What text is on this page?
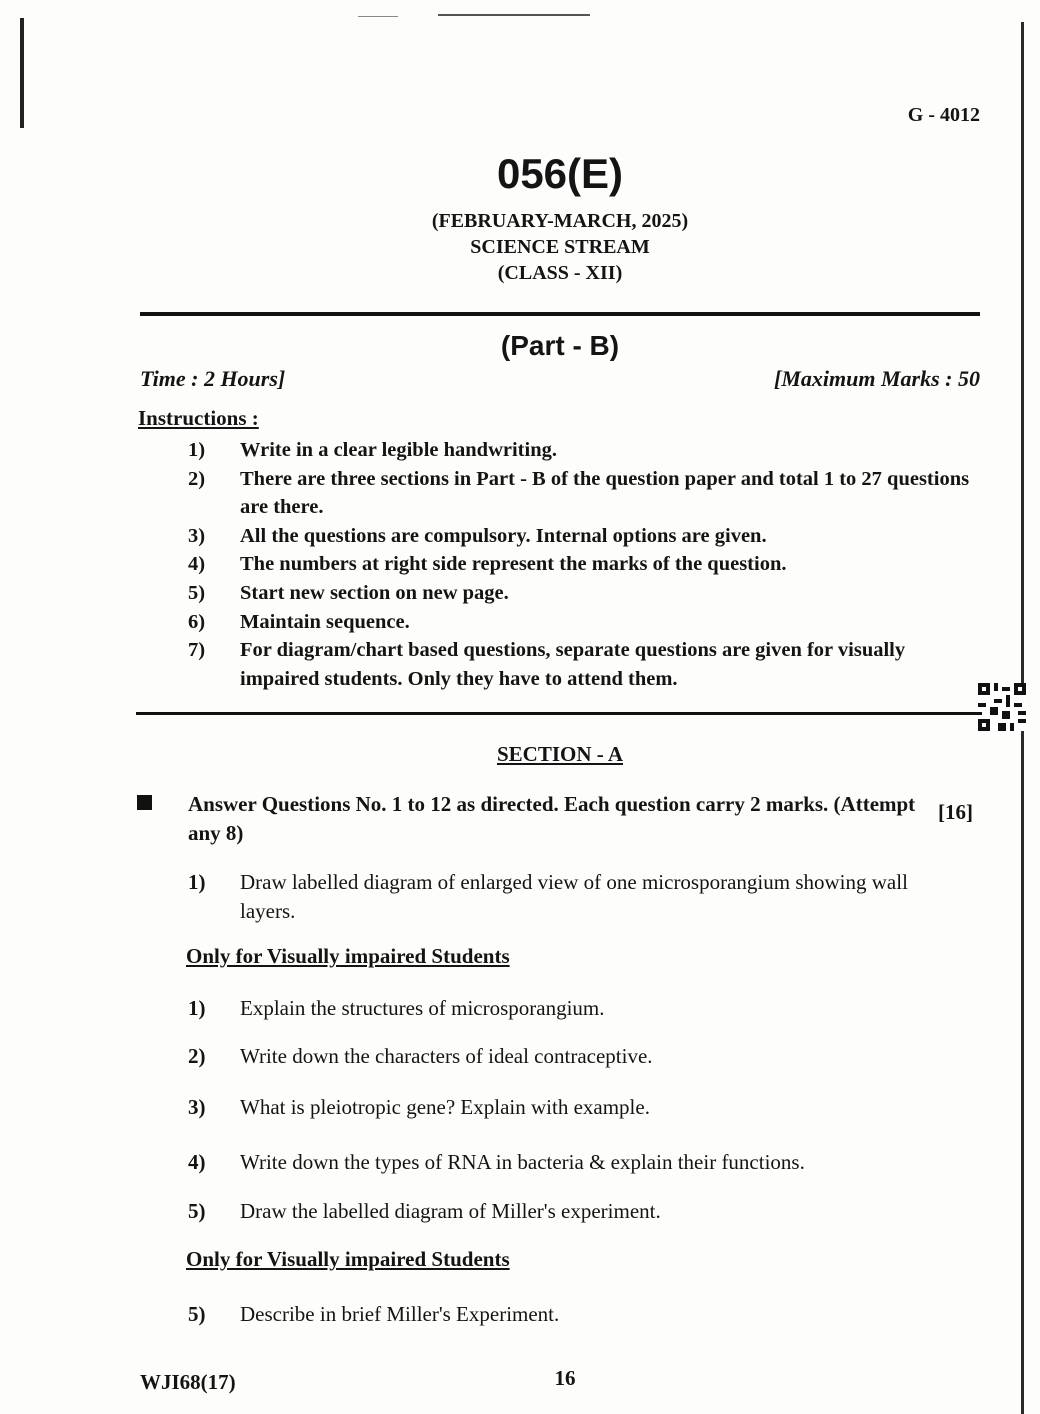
G - 4012
056(E)
(FEBRUARY-MARCH, 2025)
SCIENCE STREAM
(CLASS - XII)
(Part - B)
Time : 2 Hours]	[Maximum Marks : 50
Instructions :
1)	Write in a clear legible handwriting.
2)	There are three sections in Part - B of the question paper and total 1 to 27 questions are there.
3)	All the questions are compulsory. Internal options are given.
4)	The numbers at right side represent the marks of the question.
5)	Start new section on new page.
6)	Maintain sequence.
7)	For diagram/chart based questions, separate questions are given for visually impaired students. Only they have to attend them.
SECTION - A
Answer Questions No. 1 to 12 as directed. Each question carry 2 marks. (Attempt any 8)
[16]
1)	Draw labelled diagram of enlarged view of one microsporangium showing wall layers.
Only for Visually impaired Students
1)	Explain the structures of microsporangium.
2)	Write down the characters of ideal contraceptive.
3)	What is pleiotropic gene? Explain with example.
4)	Write down the types of RNA in bacteria & explain their functions.
5)	Draw the labelled diagram of Miller's experiment.
Only for Visually impaired Students
5)	Describe in brief Miller's Experiment.
WJI68(17)	16
